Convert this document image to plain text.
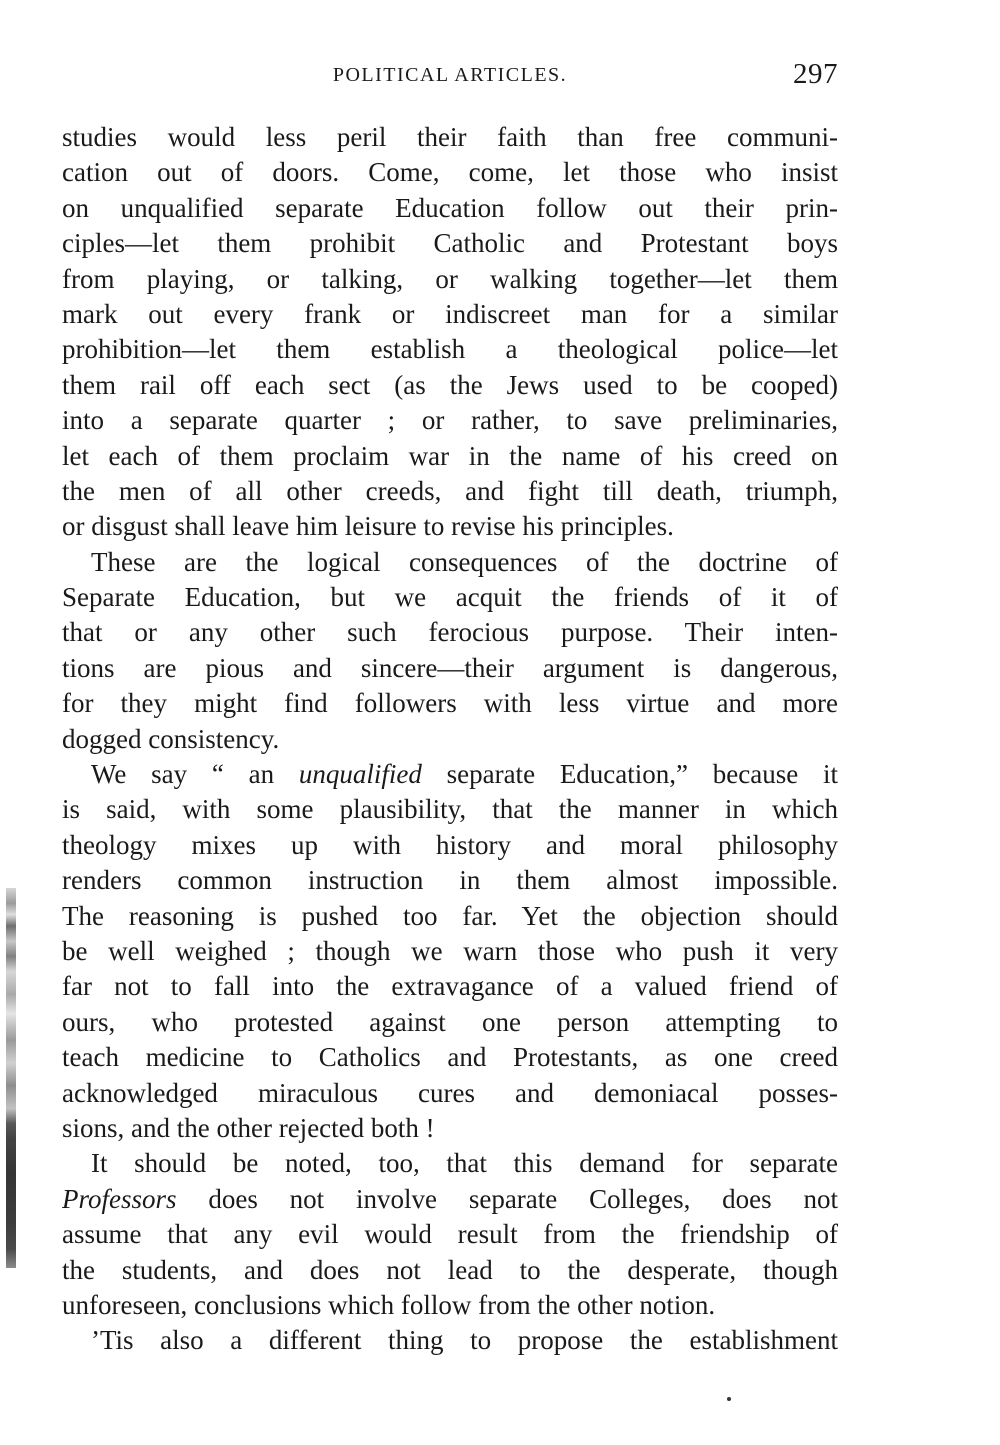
POLITICAL ARTICLES.	297
studies would less peril their faith than free communi-
cation out of doors. Come, come, let those who insist
on unqualified separate Education follow out their prin-
ciples—let them prohibit Catholic and Protestant boys
from playing, or talking, or walking together—let them
mark out every frank or indiscreet man for a similar
prohibition—let them establish a theological police—let
them rail off each sect (as the Jews used to be cooped)
into a separate quarter ; or rather, to save preliminaries,
let each of them proclaim war in the name of his creed on
the men of all other creeds, and fight till death, triumph,
or disgust shall leave him leisure to revise his principles.
These are the logical consequences of the doctrine of
Separate Education, but we acquit the friends of it of
that or any other such ferocious purpose. Their inten-
tions are pious and sincere—their argument is dangerous,
for they might find followers with less virtue and more
dogged consistency.
We say “ an unqualified separate Education,” because it
is said, with some plausibility, that the manner in which
theology mixes up with history and moral philosophy
renders common instruction in them almost impossible.
The reasoning is pushed too far. Yet the objection should
be well weighed ; though we warn those who push it very
far not to fall into the extravagance of a valued friend of
ours, who protested against one person attempting to
teach medicine to Catholics and Protestants, as one creed
acknowledged miraculous cures and demoniacal posses-
sions, and the other rejected both !
It should be noted, too, that this demand for separate
Professors does not involve separate Colleges, does not
assume that any evil would result from the friendship of
the students, and does not lead to the desperate, though
unforeseen, conclusions which follow from the other notion.
’Tis also a different thing to propose the establishment
